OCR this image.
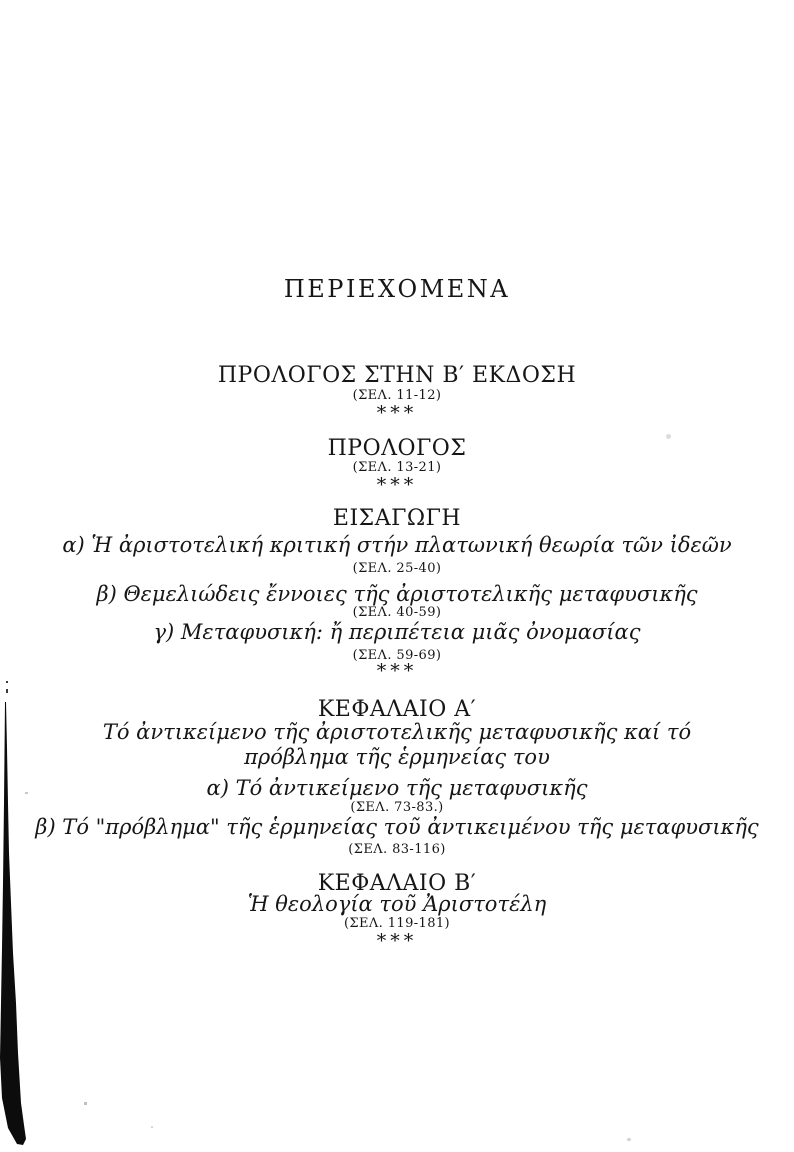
ΠΕΡΙΕΧΟΜΕΝΑ
ΠΡΟΛΟΓΟΣ ΣΤΗΝ Β′ ΕΚΔΟΣΗ
(ΣΕΛ. 11-12)
***
ΠΡΟΛΟΓΟΣ
(ΣΕΛ. 13-21)
***
ΕΙΣΑΓΩΓΗ
α) Ἡ ἀριστοτελική κριτική στήν πλατωνική θεωρία τῶν ἰδεῶν
(ΣΕΛ. 25-40)
β) Θεμελιώδεις ἔννοιες τῆς ἀριστοτελικῆς μεταφυσικῆς
(ΣΕΛ. 40-59)
γ) Μεταφυσική: ἤ περιπέτεια μιᾶς ὀνομασίας
(ΣΕΛ. 59-69)
***
ΚΕΦΑΛΑΙΟ Α′
Τό ἀντικείμενο τῆς ἀριστοτελικῆς μεταφυσικῆς καί τό πρόβλημα τῆς ἑρμηνείας του
α) Τό ἀντικείμενο τῆς μεταφυσικῆς
(ΣΕΛ. 73-83.)
β) Τό "πρόβλημα" τῆς ἑρμηνείας τοῦ ἀντικειμένου τῆς μεταφυσικῆς
(ΣΕΛ. 83-116)
ΚΕΦΑΛΑΙΟ Β′
Ἡ θεολογία τοῦ Ἀριστοτέλη
(ΣΕΛ. 119-181)
***
